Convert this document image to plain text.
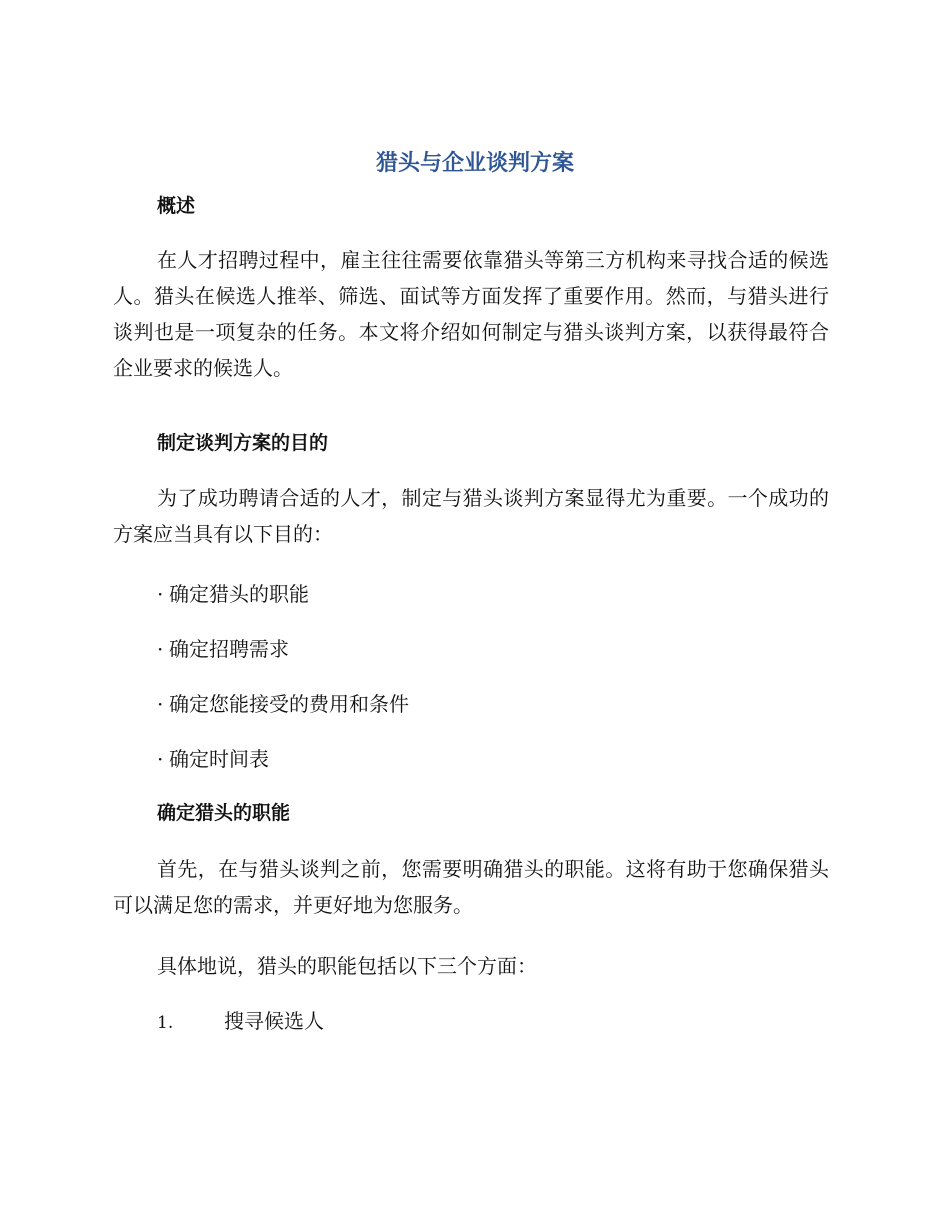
猎头与企业谈判方案
概述

在人才招聘过程中，雇主往往需要依靠猎头等第三方机构来寻找合适的候选人。猎头在候选人推举、筛选、面试等方面发挥了重要作用。然而，与猎头进行谈判也是一项复杂的任务。本文将介绍如何制定与猎头谈判方案，以获得最符合企业要求的候选人。

制定谈判方案的目的

为了成功聘请合适的人才，制定与猎头谈判方案显得尤为重要。一个成功的方案应当具有以下目的：

· 确定猎头的职能
· 确定招聘需求
· 确定您能接受的费用和条件
· 确定时间表
确定猎头的职能

首先，在与猎头谈判之前，您需要明确猎头的职能。这将有助于您确保猎头可以满足您的需求，并更好地为您服务。

具体地说，猎头的职能包括以下三个方面：

1.	搜寻候选人
